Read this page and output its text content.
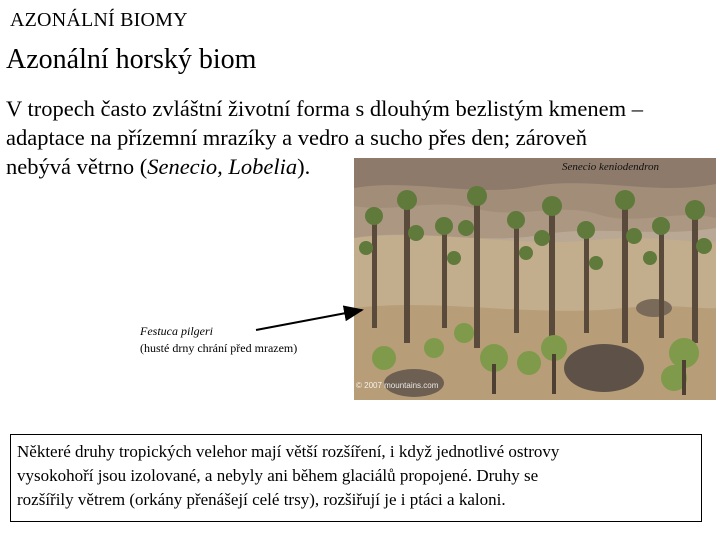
AZONÁLNÍ BIOMY
Azonální horský biom
V tropech často zvláštní životní forma s dlouhým bezlistým kmenem –
adaptace na přízemní mrazíky a vedro a sucho přes den; zároveň
nebývá větrno (Senecio, Lobelia).
© 2007 mountains.com
Senecio keniodendron
Festuca pilgeri
(husté drny chrání před mrazem)
Některé druhy tropických velehor mají větší rozšíření, i když jednotlivé ostrovy
vysokohoří jsou izolované, a nebyly ani během glaciálů propojené. Druhy se
rozšířily větrem (orkány přenášejí celé trsy), rozšiřují je i ptáci a kaloni.
